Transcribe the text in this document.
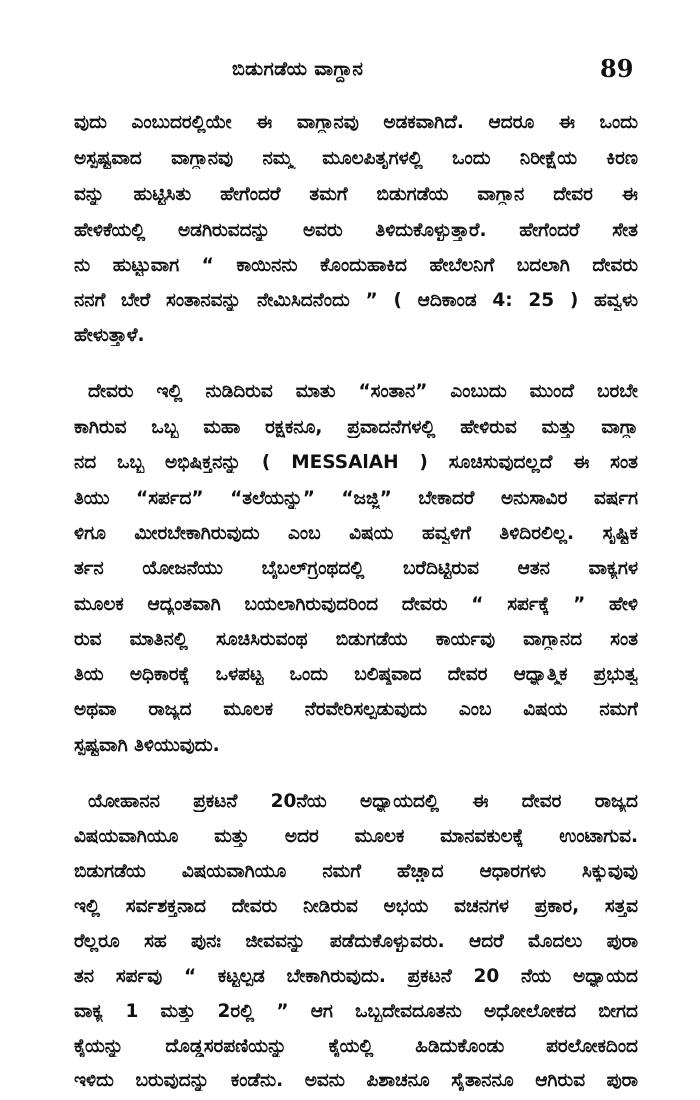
ಬಿಡುಗಡೆಯ ವಾಗ್ದಾನ	89
ವುದು ಎಂಬುದರಲ್ಲಿಯೇ ಈ ವಾಗ್ದಾನವು ಅಡಕವಾಗಿದೆ. ಆದರೂ ಈ ಒಂದು
ಅಸ್ಪಷ್ಟವಾದ ವಾಗ್ದಾನವು ನಮ್ಮ ಮೂಲಪಿತೃಗಳಲ್ಲಿ ಒಂದು ನಿರೀಕ್ಷೆಯ ಕಿರಣ
ವನ್ನು ಹುಟ್ಟಿಸಿತು ಹೇಗೆಂದರೆ ತಮಗೆ ಬಿಡುಗಡೆಯ ವಾಗ್ದಾನ ದೇವರ ಈ
ಹೇಳಿಕೆಯಲ್ಲಿ ಅಡಗಿರುವದನ್ನು ಅವರು ತಿಳಿದುಕೊಳ್ಳುತ್ತಾರೆ. ಹೇಗೆಂದರೆ ಸೇತ
ನು ಹುಟ್ಟುವಾಗ “ ಕಾಯಿನನು ಕೊಂದುಹಾಕಿದ ಹೇಬೆಲನಿಗೆ ಬದಲಾಗಿ ದೇವರು
ನನಗೆ ಬೇರೆ ಸಂತಾನವನ್ನು ನೇಮಿಸಿದನೆಂದು ” ( ಆದಿಕಾಂಡ 4: 25 ) ಹವ್ವಳು
ಹೇಳುತ್ತಾಳೆ.
ದೇವರು ಇಲ್ಲಿ ನುಡಿದಿರುವ ಮಾತು “ಸಂತಾನ” ಎಂಬುದು ಮುಂದೆ ಬರಬೇ
ಕಾಗಿರುವ ಒಬ್ಬ ಮಹಾ ರಕ್ಷಕನೂ, ಪ್ರವಾದನೆಗಳಲ್ಲಿ ಹೇಳಿರುವ ಮತ್ತು ವಾಗ್ದಾ
ನದ ಒಬ್ಬ ಅಭಿಷಿಕ್ತನನ್ನು ( MESSAlAH ) ಸೂಚಿಸುವುದಲ್ಲದೆ ಈ ಸಂತ
ತಿಯು “ಸರ್ಪದ” “ತಲೆಯನ್ನು” “ಜಜ್ಜಿ” ಬೇಕಾದರೆ ಅನುಸಾವಿರ ವರ್ಷಗ
ಳಿಗೂ ಮೀರಬೇಕಾಗಿರುವುದು ಎಂಬ ವಿಷಯ ಹವ್ವಳಿಗೆ ತಿಳಿದಿರಲಿಲ್ಲ. ಸೃಷ್ಟಿಕ
ರ್ತನ ಯೋಜನೆಯು ಬೈಬಲ್‌ಗ್ರಂಥದಲ್ಲಿ ಬರೆದಿಟ್ಟಿರುವ ಆತನ ವಾಕ್ಯಗಳ
ಮೂಲಕ ಆದ್ಯಂತವಾಗಿ ಬಯಲಾಗಿರುವುದರಿಂದ ದೇವರು “ ಸರ್ಪಕ್ಕೆ ” ಹೇಳಿ
ರುವ ಮಾತಿನಲ್ಲಿ ಸೂಚಿಸಿರುವಂಥ ಬಿಡುಗಡೆಯ ಕಾರ್ಯವು ವಾಗ್ದಾನದ ಸಂತ
ತಿಯ ಅಧಿಕಾರಕ್ಕೆ ಒಳಪಟ್ಟ ಒಂದು ಬಲಿಷ್ಠವಾದ ದೇವರ ಆಧ್ಯಾತ್ಮಿಕ ಪ್ರಭುತ್ವ
ಅಥವಾ ರಾಜ್ಯದ ಮೂಲಕ ನೆರವೇರಿಸಲ್ಪಡುವುದು ಎಂಬ ವಿಷಯ ನಮಗೆ
ಸ್ಪಷ್ಟವಾಗಿ ತಿಳಿಯುವುದು.
ಯೋಹಾನನ ಪ್ರಕಟನೆ 20ನೆಯ ಅಧ್ಯಾಯದಲ್ಲಿ ಈ ದೇವರ ರಾಜ್ಯದ
ವಿಷಯವಾಗಿಯೂ ಮತ್ತು ಅದರ ಮೂಲಕ ಮಾನವಕುಲಕ್ಕೆ ಉಂಟಾಗುವ.
ಬಿಡುಗಡೆಯ ವಿಷಯವಾಗಿಯೂ ನಮಗೆ ಹೆಚ್ಚಾದ ಆಧಾರಗಳು ಸಿಕ್ಕುವುವು
ಇಲ್ಲಿ ಸರ್ವಶಕ್ತನಾದ ದೇವರು ನೀಡಿರುವ ಅಭಯ ವಚನಗಳ ಪ್ರಕಾರ, ಸತ್ತವ
ರೆಲ್ಲರೂ ಸಹ ಪುನಃ ಜೀವವನ್ನು ಪಡೆದುಕೊಳ್ಳುವರು. ಆದರೆ ಮೊದಲು ಪುರಾ
ತನ ಸರ್ಪವು “ ಕಟ್ಟಲ್ಪಡ ಬೇಕಾಗಿರುವುದು. ಪ್ರಕಟನೆ 20 ನೆಯ ಅಧ್ಯಾಯದ
ವಾಕ್ಯ 1 ಮತ್ತು 2ರಲ್ಲಿ ” ಆಗ ಒಬ್ಬದೇವದೂತನು ಅಧೋಲೋಕದ ಬೀಗದ
ಕೈಯನ್ನು ದೊಡ್ಡಸರಪಣಿಯನ್ನು ಕೈಯಲ್ಲಿ ಹಿಡಿದುಕೊಂಡು ಪರಲೋಕದಿಂದ
ಇಳಿದು ಬರುವುದನ್ನು ಕಂಡೆನು. ಅವನು ಪಿಶಾಚನೂ ಸೈತಾನನೂ ಆಗಿರುವ ಪುರಾ
